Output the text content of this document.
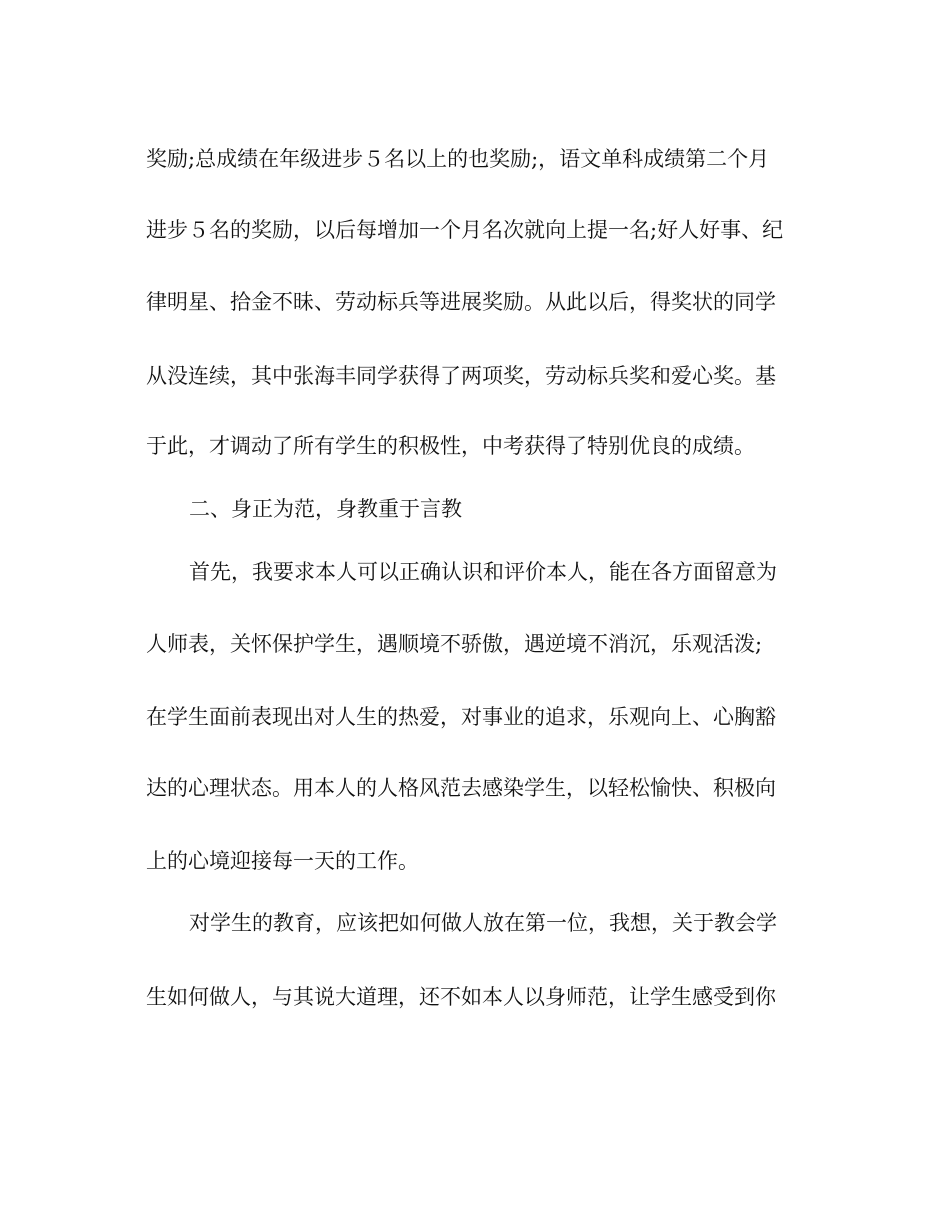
奖励;总成绩在年级进步５名以上的也奖励;，语文单科成绩第二个月
进步５名的奖励，以后每增加一个月名次就向上提一名;好人好事、纪
律明星、拾金不昧、劳动标兵等进展奖励。从此以后，得奖状的同学
从没连续，其中张海丰同学获得了两项奖，劳动标兵奖和爱心奖。基
于此，才调动了所有学生的积极性，中考获得了特别优良的成绩。
二、身正为范，身教重于言教
首先，我要求本人可以正确认识和评价本人，能在各方面留意为
人师表，关怀保护学生，遇顺境不骄傲，遇逆境不消沉，乐观活泼;
在学生面前表现出对人生的热爱，对事业的追求，乐观向上、心胸豁
达的心理状态。用本人的人格风范去感染学生，以轻松愉快、积极向
上的心境迎接每一天的工作。
对学生的教育，应该把如何做人放在第一位，我想，关于教会学
生如何做人，与其说大道理，还不如本人以身师范，让学生感受到你
